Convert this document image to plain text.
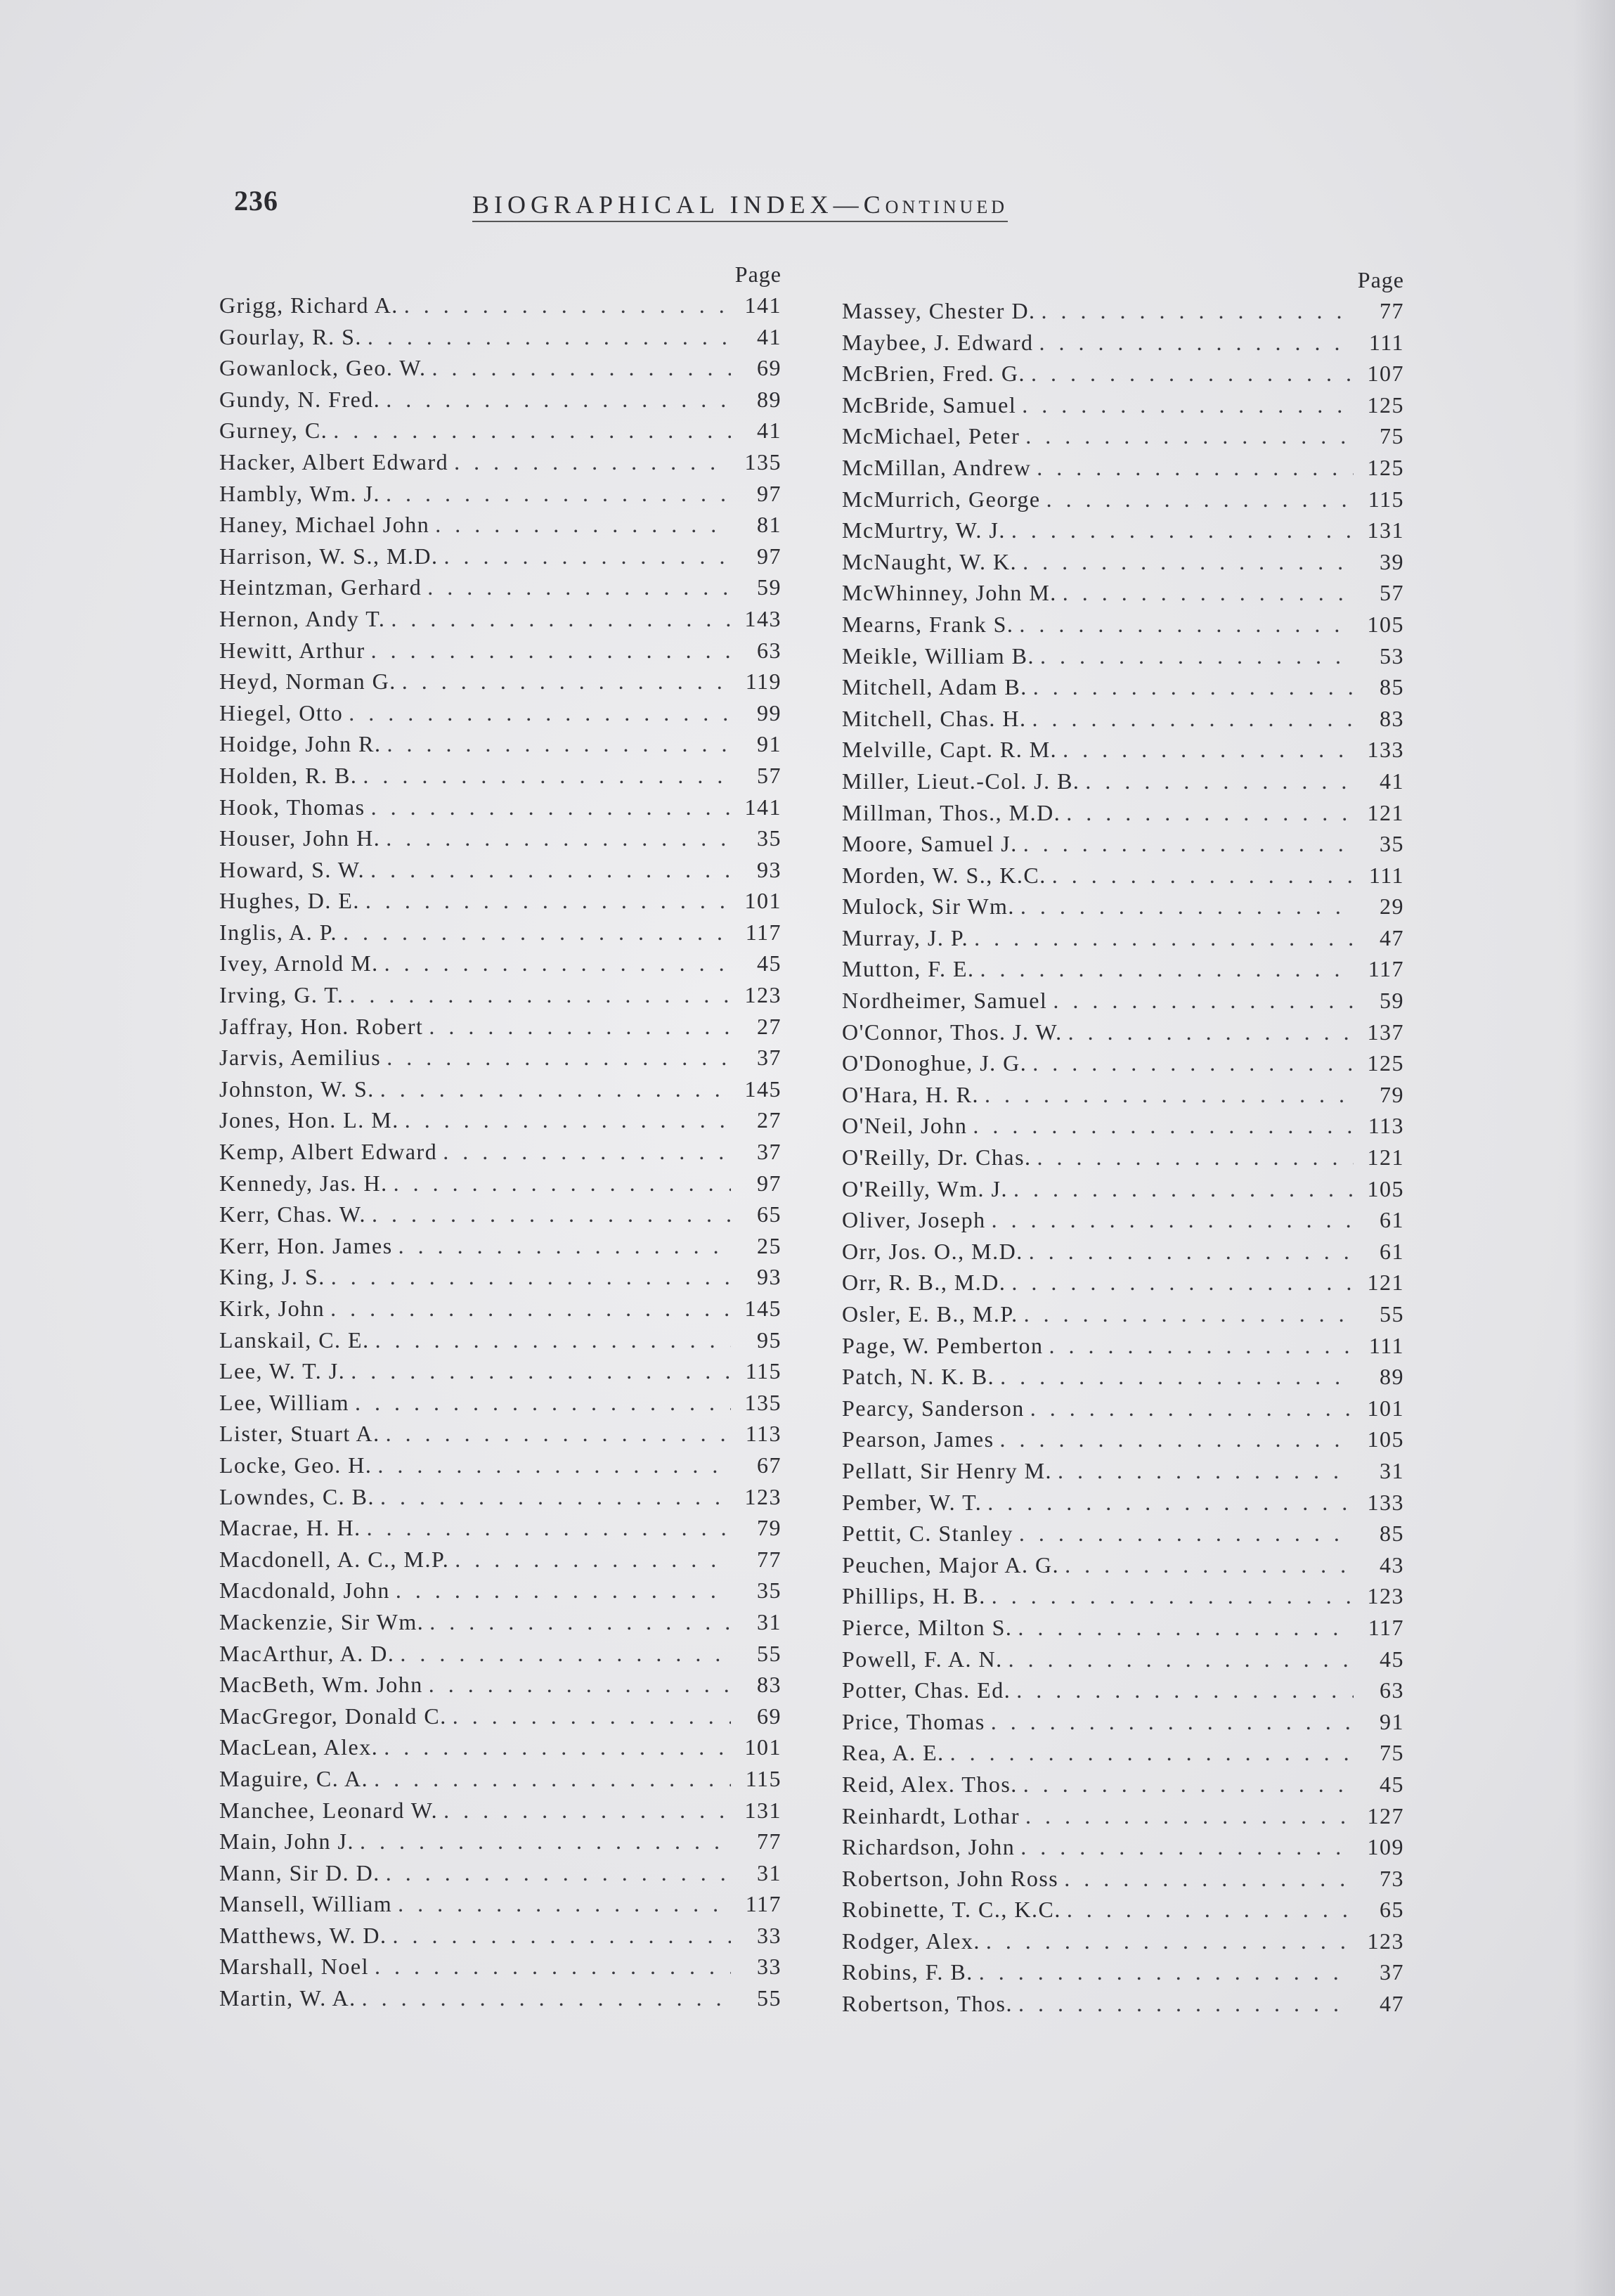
236	BIOGRAPHICAL INDEX—CONTINUED
Page
Grigg, Richard A. . . .	141
Gourlay, R. S. . . .	41
Gowanlock, Geo. W. . . .	69
Gundy, N. Fred. . . .	89
Gurney, C. . . .	41
Hacker, Albert Edward . . .	135
Hambly, Wm. J. . . .	97
Haney, Michael John . . .	81
Harrison, W. S., M.D. . . .	97
Heintzman, Gerhard . . .	59
Hernon, Andy T. . . .	143
Hewitt, Arthur . . .	63
Heyd, Norman G. . . .	119
Hiegel, Otto . . .	99
Hoidge, John R. . . .	91
Holden, R. B. . . .	57
Hook, Thomas . . .	141
Houser, John H. . . .	35
Howard, S. W. . . .	93
Hughes, D. E. . . .	101
Inglis, A. P. . . .	117
Ivey, Arnold M. . . .	45
Irving, G. T. . . .	123
Jaffray, Hon. Robert . . .	27
Jarvis, Aemilius . . .	37
Johnston, W. S. . . .	145
Jones, Hon. L. M. . . .	27
Kemp, Albert Edward . . .	37
Kennedy, Jas. H. . . .	97
Kerr, Chas. W. . . .	65
Kerr, Hon. James . . .	25
King, J. S. . . .	93
Kirk, John . . .	145
Lanskail, C. E. . . .	95
Lee, W. T. J. . . .	115
Lee, William . . .	135
Lister, Stuart A. . . .	113
Locke, Geo. H. . . .	67
Lowndes, C. B. . . .	123
Macrae, H. H. . . .	79
Macdonell, A. C., M.P. . . .	77
Macdonald, John . . .	35
Mackenzie, Sir Wm. . . .	31
MacArthur, A. D. . . .	55
MacBeth, Wm. John . . .	83
MacGregor, Donald C. . . .	69
MacLean, Alex. . . .	101
Maguire, C. A. . . .	115
Manchee, Leonard W. . . .	131
Main, John J. . . .	77
Mann, Sir D. D. . . .	31
Mansell, William . . .	117
Matthews, W. D. . . .	33
Marshall, Noel . . .	33
Martin, W. A. . . .	55
Page
Massey, Chester D. . . .	77
Maybee, J. Edward . . .	111
McBrien, Fred. G. . . .	107
McBride, Samuel . . .	125
McMichael, Peter . . .	75
McMillan, Andrew . . .	125
McMurrich, George . . .	115
McMurtry, W. J. . . .	131
McNaught, W. K. . . .	39
McWhinney, John M. . . .	57
Mearns, Frank S. . . .	105
Meikle, William B. . . .	53
Mitchell, Adam B. . . .	85
Mitchell, Chas. H. . . .	83
Melville, Capt. R. M. . . .	133
Miller, Lieut.-Col. J. B. . . .	41
Millman, Thos., M.D. . . .	121
Moore, Samuel J. . . .	35
Morden, W. S., K.C. . . .	111
Mulock, Sir Wm. . . .	29
Murray, J. P. . . .	47
Mutton, F. E. . . .	117
Nordheimer, Samuel . . .	59
O'Connor, Thos. J. W. . . .	137
O'Donoghue, J. G. . . .	125
O'Hara, H. R. . . .	79
O'Neil, John . . .	113
O'Reilly, Dr. Chas. . . .	121
O'Reilly, Wm. J. . . .	105
Oliver, Joseph . . .	61
Orr, Jos. O., M.D. . . .	61
Orr, R. B., M.D. . . .	121
Osler, E. B., M.P. . . .	55
Page, W. Pemberton . . .	111
Patch, N. K. B. . . .	89
Pearcy, Sanderson . . .	101
Pearson, James . . .	105
Pellatt, Sir Henry M. . . .	31
Pember, W. T. . . .	133
Pettit, C. Stanley . . .	85
Peuchen, Major A. G. . . .	43
Phillips, H. B. . . .	123
Pierce, Milton S. . . .	117
Powell, F. A. N. . . .	45
Potter, Chas. Ed. . . .	63
Price, Thomas . . .	91
Rea, A. E. . . .	75
Reid, Alex. Thos. . . .	45
Reinhardt, Lothar . . .	127
Richardson, John . . .	109
Robertson, John Ross . . .	73
Robinette, T. C., K.C. . . .	65
Rodger, Alex. . . .	123
Robins, F. B. . . .	37
Robertson, Thos. . . .	47
